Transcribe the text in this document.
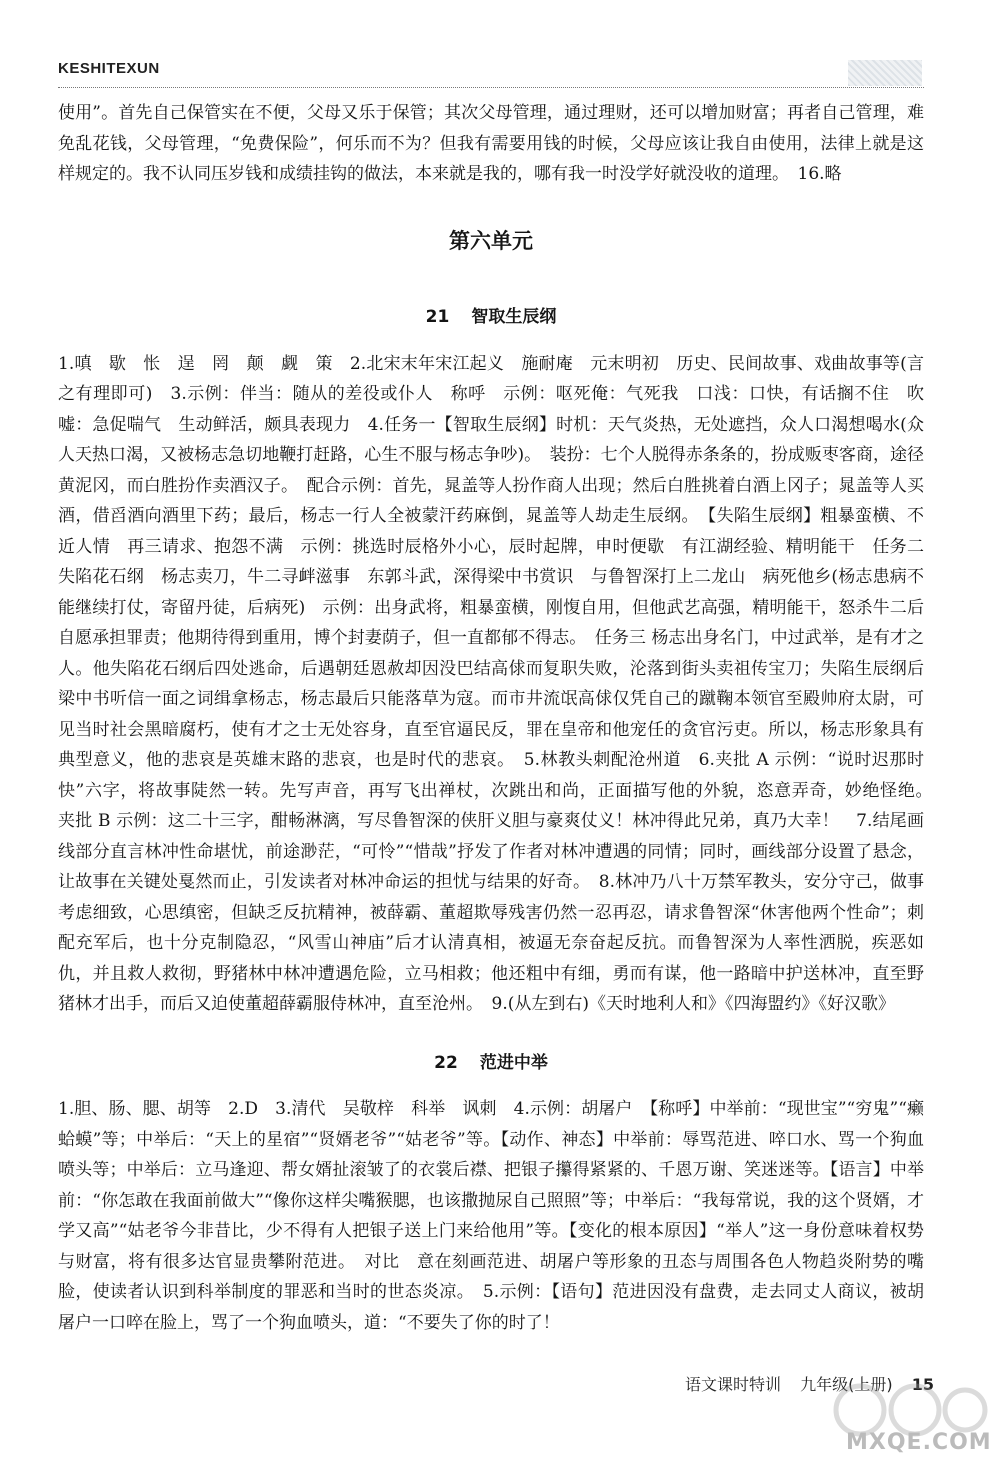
KESHITEXUN

使用”。首先自己保管实在不便，父母又乐于保管；其次父母管理，通过理财，还可以增加财富；再者自己管理，难免乱花钱，父母管理，“免费保险”，何乐而不为？但我有需要用钱的时候，父母应该让我自由使用，法律上就是这样规定的。我不认同压岁钱和成绩挂钩的做法，本来就是我的，哪有我一时没学好就没收的道理。　16.略

第六单元

21 智取生辰纲

1.嗔　歇　怅　逞　罔　颠　觑　策　2.北宋末年宋江起义　施耐庵　元末明初　历史、民间故事、戏曲故事等(言之有理即可)　3.示例：伴当：随从的差役或仆人　称呼　示例：呕死俺：气死我　口浅：口快，有话搁不住　吹嘘：急促喘气　生动鲜活，颇具表现力　4.任务一【智取生辰纲】时机：天气炎热，无处遮挡，众人口渴想喝水(众人天热口渴，又被杨志急切地鞭打赶路，心生不服与杨志争吵)。　装扮：七个人脱得赤条条的，扮成贩枣客商，途径黄泥冈，而白胜扮作卖酒汉子。　配合示例：首先，晁盖等人扮作商人出现；然后白胜挑着白酒上冈子；晁盖等人买酒，借舀酒向酒里下药；最后，杨志一行人全被蒙汗药麻倒，晁盖等人劫走生辰纲。　【失陷生辰纲】粗暴蛮横、不近人情　再三请求、抱怨不满　示例：挑选时辰格外小心，辰时起牌，申时便歇　有江湖经验、精明能干　任务二 失陷花石纲　杨志卖刀，牛二寻衅滋事　东郭斗武，深得梁中书赏识　与鲁智深打上二龙山　病死他乡(杨志患病不能继续打仗，寄留丹徒，后病死)　示例：出身武将，粗暴蛮横，刚愎自用，但他武艺高强，精明能干，怒杀牛二后自愿承担罪责；他期待得到重用，博个封妻荫子，但一直都郁不得志。　任务三 杨志出身名门，中过武举，是有才之人。他失陷花石纲后四处逃命，后遇朝廷恩赦却因没巴结高俅而复职失败，沦落到街头卖祖传宝刀；失陷生辰纲后梁中书听信一面之词缉拿杨志，杨志最后只能落草为寇。而市井流氓高俅仅凭自己的蹴鞠本领官至殿帅府太尉，可见当时社会黑暗腐朽，使有才之士无处容身，直至官逼民反，罪在皇帝和他宠任的贪官污吏。所以，杨志形象具有典型意义，他的悲哀是英雄末路的悲哀，也是时代的悲哀。　5.林教头刺配沧州道　6.夹批 A 示例：“说时迟那时快”六字，将故事陡然一转。先写声音，再写飞出禅杖，次跳出和尚，正面描写他的外貌，恣意弄奇，妙绝怪绝。　夹批 B 示例：这二十三字，酣畅淋漓，写尽鲁智深的侠肝义胆与豪爽仗义！林冲得此兄弟，真乃大幸！　7.结尾画线部分直言林冲性命堪忧，前途渺茫，“可怜”“惜哉”抒发了作者对林冲遭遇的同情；同时，画线部分设置了悬念，让故事在关键处戛然而止，引发读者对林冲命运的担忧与结果的好奇。　8.林冲乃八十万禁军教头，安分守己，做事考虑细致，心思缜密，但缺乏反抗精神，被薛霸、董超欺辱残害仍然一忍再忍，请求鲁智深“休害他两个性命”；刺配充军后，也十分克制隐忍，“风雪山神庙”后才认清真相，被逼无奈奋起反抗。而鲁智深为人率性洒脱，疾恶如仇，并且救人救彻，野猪林中林冲遭遇危险，立马相救；他还粗中有细，勇而有谋，他一路暗中护送林冲，直至野猪林才出手，而后又迫使董超薛霸服侍林冲，直至沧州。　9.(从左到右)《天时地利人和》《四海盟约》《好汉歌》

22 范进中举

1.胆、肠、腮、胡等　2.D　3.清代　吴敬梓　科举　讽刺　4.示例：胡屠户　【称呼】中举前：“现世宝”“穷鬼”“癞蛤蟆”等；中举后：“天上的星宿”“贤婿老爷”“姑老爷”等。【动作、神态】中举前：辱骂范进、啐口水、骂一个狗血喷头等；中举后：立马逢迎、帮女婿扯滚皱了的衣裳后襟、把银子攥得紧紧的、千恩万谢、笑迷迷等。【语言】中举前：“你怎敢在我面前做大”“像你这样尖嘴猴腮，也该撒抛尿自己照照”等；中举后：“我每常说，我的这个贤婿，才学又高”“姑老爷今非昔比，少不得有人把银子送上门来给他用”等。【变化的根本原因】“举人”这一身份意味着权势与财富，将有很多达官显贵攀附范进。　对比　意在刻画范进、胡屠户等形象的丑态与周围各色人物趋炎附势的嘴脸，使读者认识到科举制度的罪恶和当时的世态炎凉。　5.示例：【语句】范进因没有盘费，走去同丈人商议，被胡屠户一口啐在脸上，骂了一个狗血喷头，道：“不要失了你的时了！

语文课时特训 九年级(上册) 15
MXQE.COM
